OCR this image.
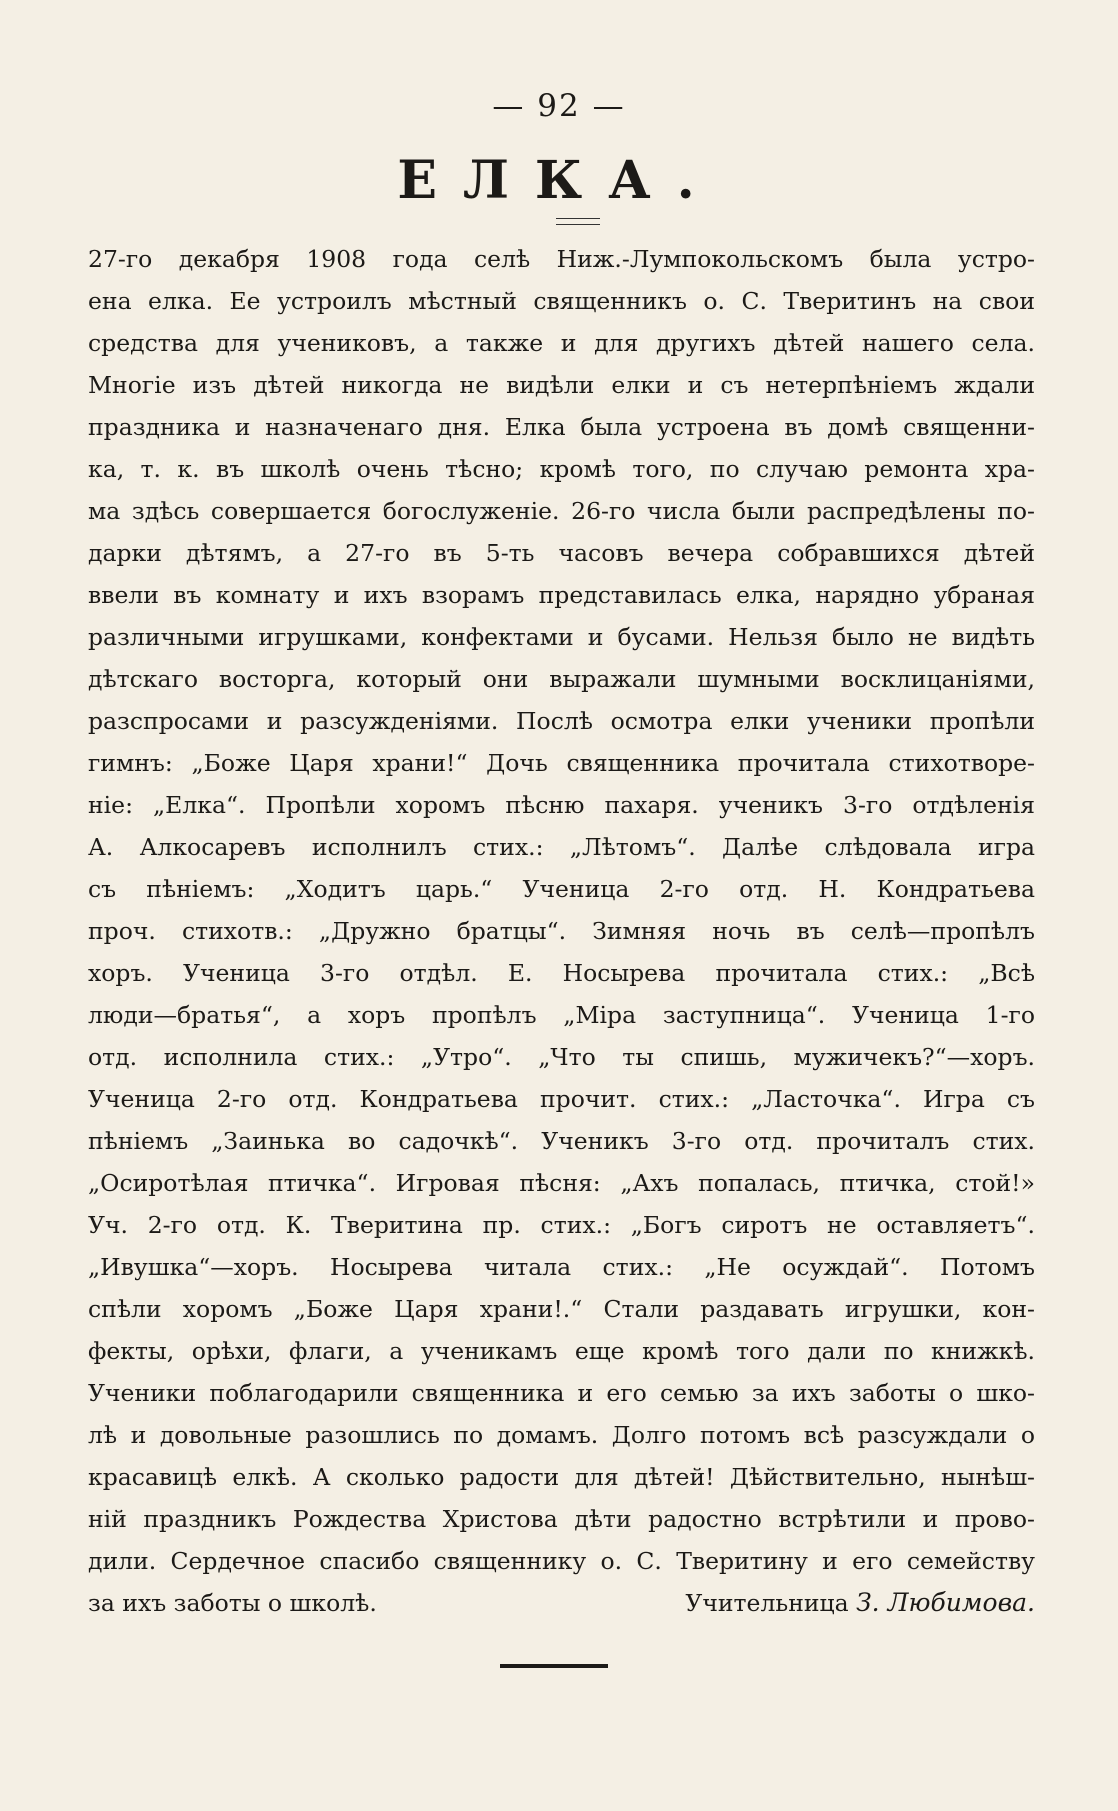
— 92 —
ЕЛКА.
27-го декабря 1908 года селѣ Ниж.-Лумпокольскомъ была устро-
ена елка. Ее устроилъ мѣстный священникъ о. С. Тверитинъ на свои
средства для учениковъ, а также и для другихъ дѣтей нашего села.
Многіе изъ дѣтей никогда не видѣли елки и съ нетерпѣніемъ ждали
праздника и назначенаго дня. Елка была устроена въ домѣ священни-
ка, т. к. въ школѣ очень тѣсно; кромѣ того, по случаю ремонта хра-
ма здѣсь совершается богослуженіе. 26-го числа были распредѣлены по-
дарки дѣтямъ, а 27-го въ 5-ть часовъ вечера собравшихся дѣтей
ввели въ комнату и ихъ взорамъ представилась елка, нарядно убраная
различными игрушками, конфектами и бусами. Нельзя было не видѣть
дѣтскаго восторга, который они выражали шумными восклицаніями,
разспросами и разсужденіями. Послѣ осмотра елки ученики пропѣли
гимнъ: „Боже Царя храни!“ Дочь священника прочитала стихотворе-
ніе: „Елка“. Пропѣли хоромъ пѣсню пахаря. ученикъ 3-го отдѣленія
А. Алкосаревъ исполнилъ стих.: „Лѣтомъ“. Далѣе слѣдовала игра
съ пѣніемъ: „Ходитъ царь.“ Ученица 2-го отд. Н. Кондратьева
проч. стихотв.: „Дружно братцы“. Зимняя ночь въ селѣ—пропѣлъ
хоръ. Ученица 3-го отдѣл. Е. Носырева прочитала стих.: „Всѣ
люди—братья“, а хоръ пропѣлъ „Міра заступница“. Ученица 1-го
отд. исполнила стих.: „Утро“. „Что ты спишь, мужичекъ?“—хоръ.
Ученица 2-го отд. Кондратьева прочит. стих.: „Ласточка“. Игра съ
пѣніемъ „Заинька во садочкѣ“. Ученикъ 3-го отд. прочиталъ стих.
„Осиротѣлая птичка“. Игровая пѣсня: „Ахъ попалась, птичка, стой!»
Уч. 2-го отд. К. Тверитина пр. стих.: „Богъ сиротъ не оставляетъ“.
„Ивушка“—хоръ. Носырева читала стих.: „Не осуждай“. Потомъ
спѣли хоромъ „Боже Царя храни!.“ Стали раздавать игрушки, кон-
фекты, орѣхи, флаги, а ученикамъ еще кромѣ того дали по книжкѣ.
Ученики поблагодарили священника и его семью за ихъ заботы о шко-
лѣ и довольные разошлись по домамъ. Долго потомъ всѣ разсуждали о
красавицѣ елкѣ. А сколько радости для дѣтей! Дѣйствительно, нынѣш-
ній праздникъ Рождества Христова дѣти радостно встрѣтили и прово-
дили. Сердечное спасибо священнику о. С. Тверитину и его семейству
за ихъ заботы о школѣ.	Учительница З. Любимова.
